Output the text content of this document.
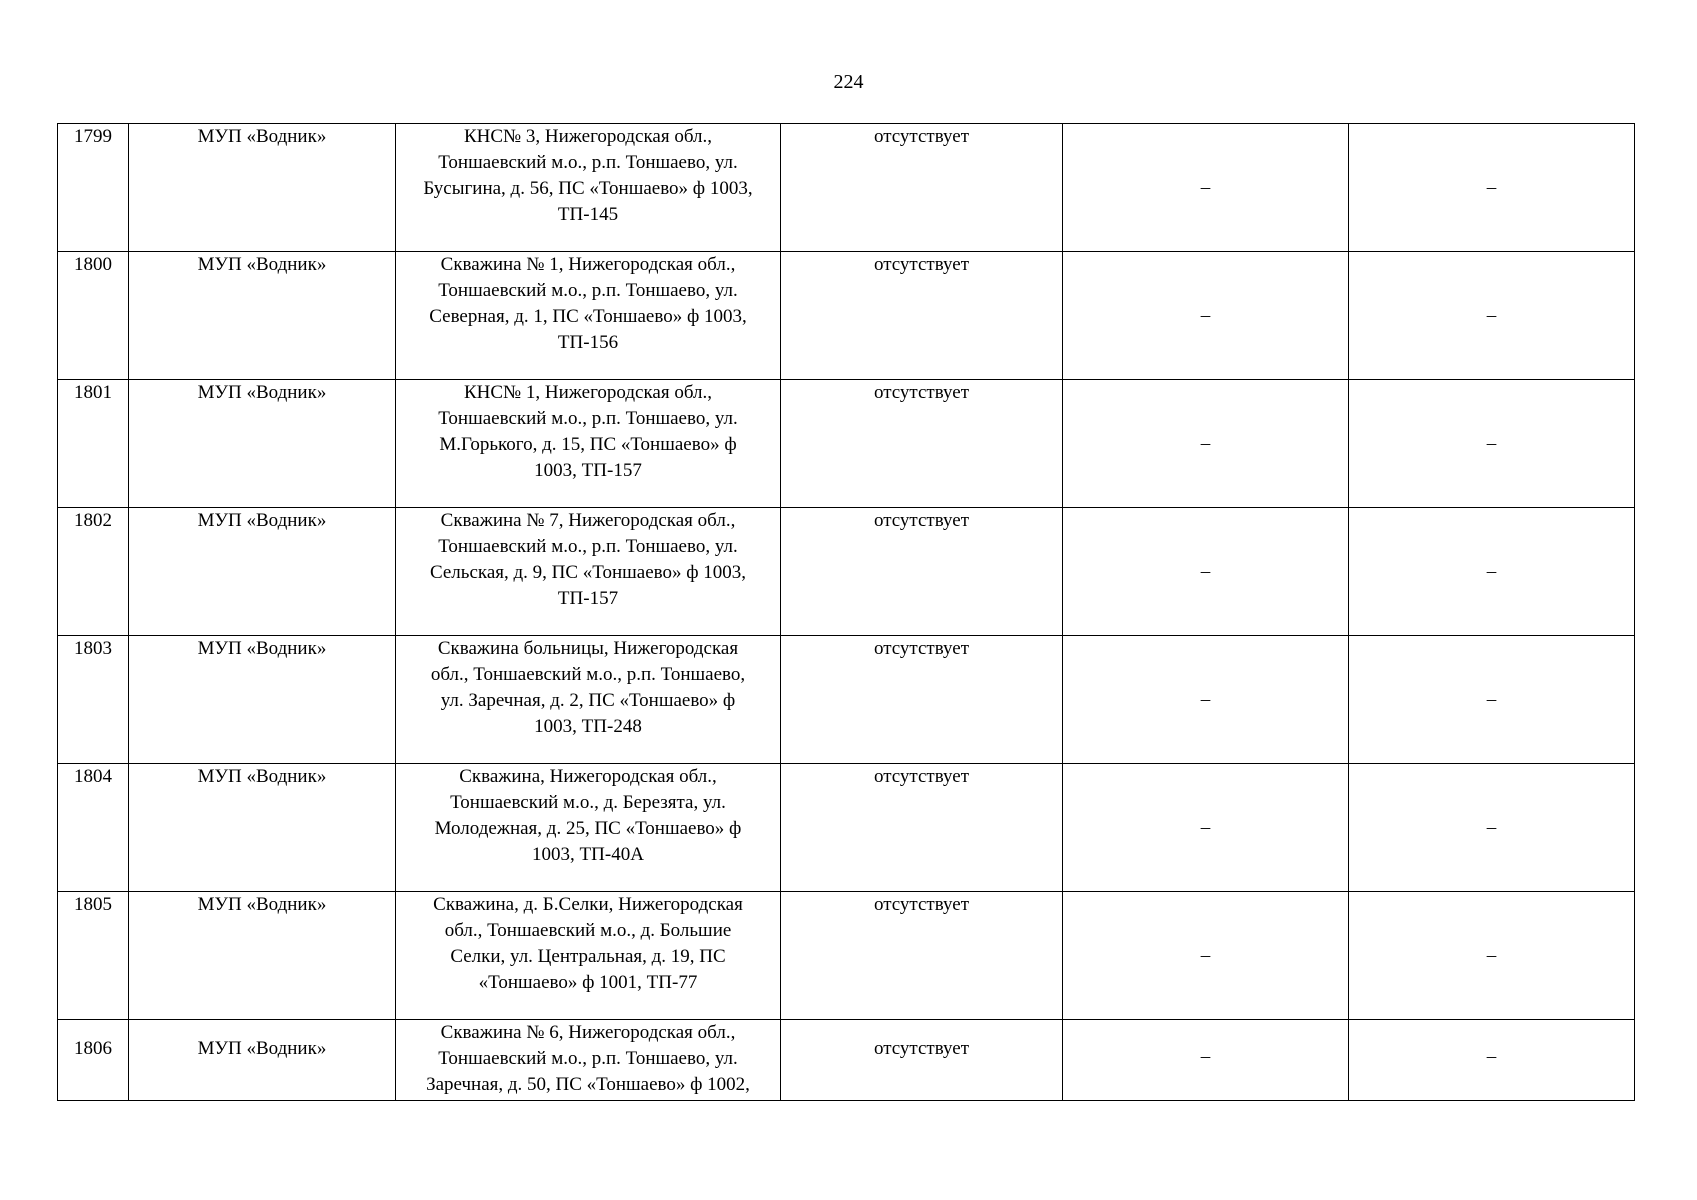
224
1799	МУП «Водник»	КНС№ 3, Нижегородская обл.,Тоншаевский м.о., р.п. Тоншаево, ул.Бусыгина, д. 56, ПС «Тоншаево» ф 1003,ТП-145	отсутствует	–	–
1800	МУП «Водник»	Скважина № 1, Нижегородская обл.,Тоншаевский м.о., р.п. Тоншаево, ул.Северная, д. 1, ПС «Тоншаево» ф 1003,ТП-156	отсутствует	–	–
1801	МУП «Водник»	КНС№ 1, Нижегородская обл.,Тоншаевский м.о., р.п. Тоншаево, ул.М.Горького, д. 15, ПС «Тоншаево» ф1003, ТП-157	отсутствует	–	–
1802	МУП «Водник»	Скважина № 7, Нижегородская обл.,Тоншаевский м.о., р.п. Тоншаево, ул.Сельская, д. 9, ПС «Тоншаево» ф 1003,ТП-157	отсутствует	–	–
1803	МУП «Водник»	Скважина больницы, Нижегородскаяобл., Тоншаевский м.о., р.п. Тоншаево,ул. Заречная, д. 2, ПС «Тоншаево» ф1003, ТП-248	отсутствует	–	–
1804	МУП «Водник»	Скважина, Нижегородская обл.,Тоншаевский м.о., д. Березята, ул.Молодежная, д. 25, ПС «Тоншаево» ф1003, ТП-40А	отсутствует	–	–
1805	МУП «Водник»	Скважина, д. Б.Селки, Нижегородскаяобл., Тоншаевский м.о., д. БольшиеСелки, ул. Центральная, д. 19, ПС«Тоншаево» ф 1001, ТП-77	отсутствует	–	–
1806	МУП «Водник»	Скважина № 6, Нижегородская обл.,Тоншаевский м.о., р.п. Тоншаево, ул.Заречная, д. 50, ПС «Тоншаево» ф 1002,	отсутствует	–	–
